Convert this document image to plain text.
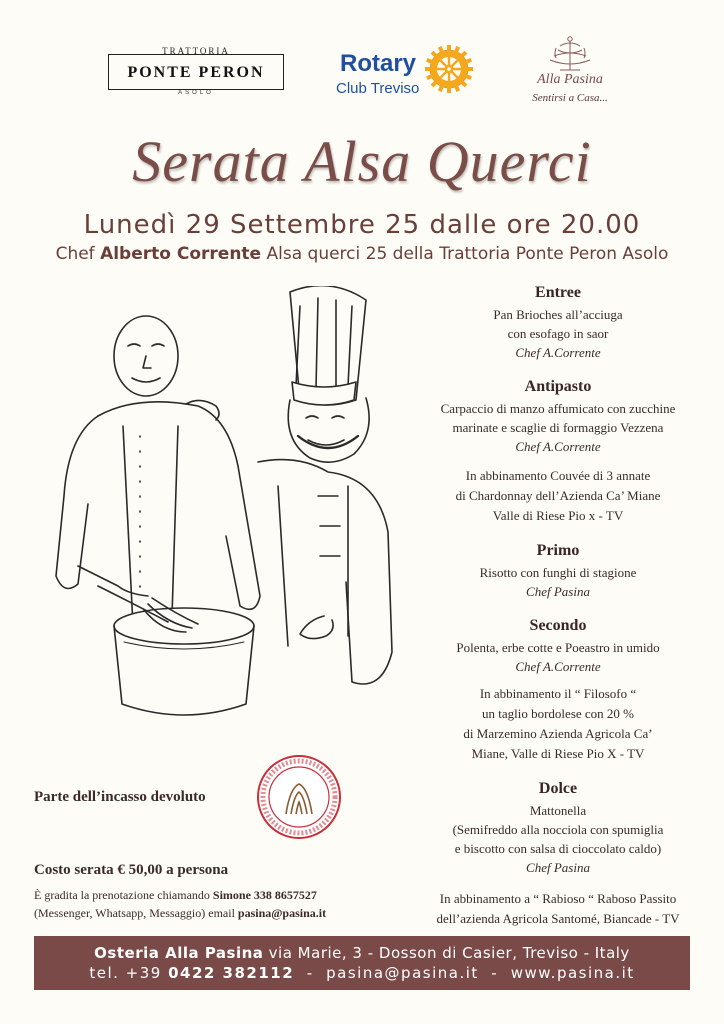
TRATTORIA
PONTE PERON
ASOLO
Rotary
Club Treviso
Alla Pasina
Sentirsi a Casa...
Serata Alsa Querci
Lunedì 29 Settembre 25 dalle ore 20.00
Chef Alberto Corrente Alsa querci 25 della Trattoria Ponte Peron Asolo
Entree
Pan Brioches all’acciuga
con esofago in saor
Chef A.Corrente
Antipasto
Carpaccio di manzo affumicato con zucchine
marinate e scaglie di formaggio Vezzena
Chef A.Corrente
In abbinamento Couvée di 3 annate
di Chardonnay dell’Azienda Ca’ Miane
Valle di Riese Pio x - TV
Primo
Risotto con funghi di stagione
Chef Pasina
Secondo
Polenta, erbe cotte e Poeastro in umido
Chef A.Corrente
In abbinamento il “ Filosofo “
un taglio bordolese con 20 %
di Marzemino Azienda Agricola Ca’
Miane, Valle di Riese Pio X - TV
Dolce
Mattonella
(Semifreddo alla nocciola con spumiglia
e biscotto con salsa di cioccolato caldo)
Chef Pasina
In abbinamento a “ Rabioso “ Raboso Passito
dell’azienda Agricola Santomé, Biancade - TV
Parte dell’incasso devoluto
Costo serata € 50,00 a persona
È gradita la prenotazione chiamando Simone 338 8657527
(Messenger, Whatsapp, Messaggio) email pasina@pasina.it
Osteria Alla Pasina via Marie, 3 - Dosson di Casier, Treviso - Italy
tel. +39 0422 382112  -  pasina@pasina.it  -  www.pasina.it
